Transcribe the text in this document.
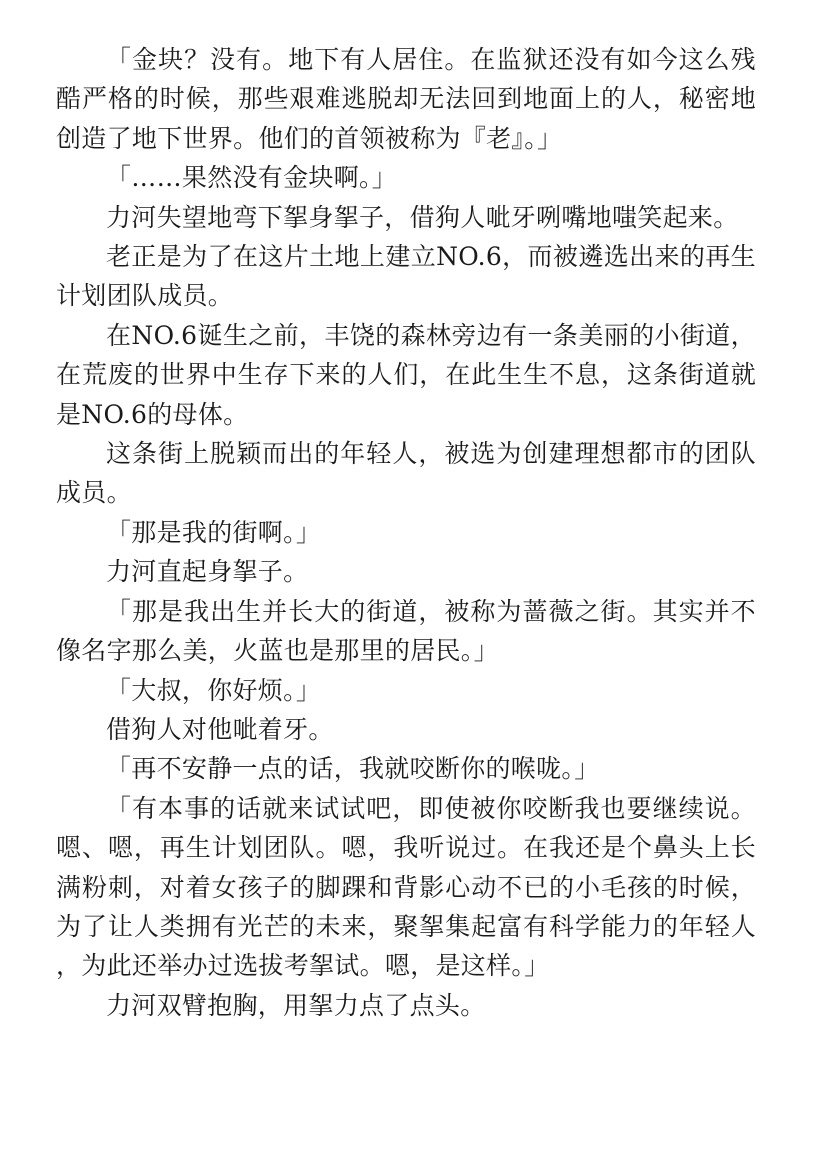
「金块？没有。地下有人居住。在监狱还没有如今这么残酷严格的时候，那些艰难逃脱却无法回到地面上的人，秘密地创造了地下世界。他们的首领被称为『老』。」

「……果然没有金块啊。」

力河失望地弯下挐身挐子，借狗人呲牙咧嘴地嗤笑起来。

老正是为了在这片土地上建立NO.6，而被遴选出来的再生计划团队成员。

在NO.6诞生之前，丰饶的森林旁边有一条美丽的小街道，在荒废的世界中生存下来的人们，在此生生不息，这条街道就是NO.6的母体。

这条街上脱颖而出的年轻人，被选为创建理想都市的团队成员。

「那是我的街啊。」

力河直起身挐子。

「那是我出生并长大的街道，被称为蔷薇之街。其实并不像名字那么美，火蓝也是那里的居民。」

「大叔，你好烦。」

借狗人对他呲着牙。

「再不安静一点的话，我就咬断你的喉咙。」

「有本事的话就来试试吧，即使被你咬断我也要继续说。嗯、嗯，再生计划团队。嗯，我听说过。在我还是个鼻头上长满粉刺，对着女孩子的脚踝和背影心动不已的小毛孩的时候，为了让人类拥有光芒的未来，聚挐集起富有科学能力的年轻人，为此还举办过选拔考挐试。嗯，是这样。」

力河双臂抱胸，用挐力点了点头。
